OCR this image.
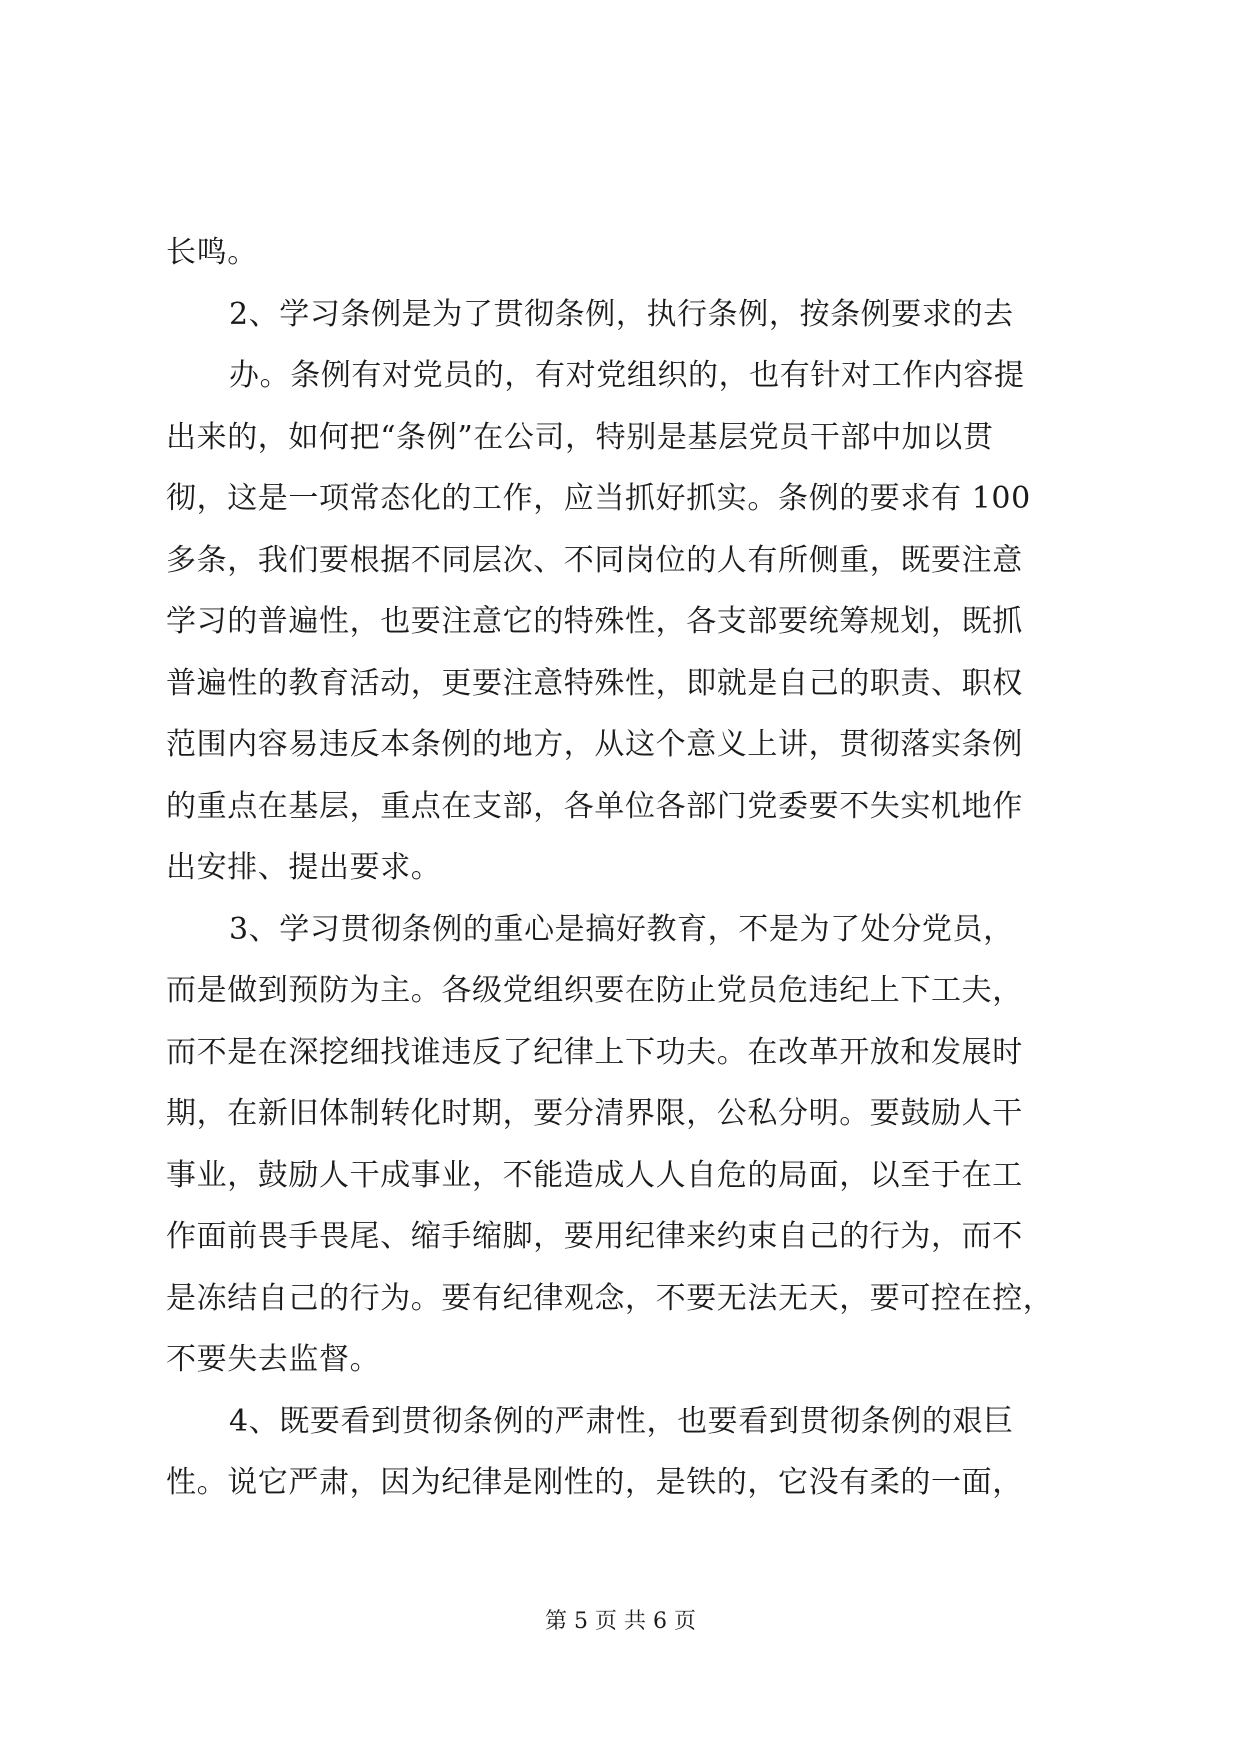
长鸣。
2、学习条例是为了贯彻条例，执行条例，按条例要求的去
办。条例有对党员的，有对党组织的，也有针对工作内容提
出来的，如何把“条例”在公司，特别是基层党员干部中加以贯
彻，这是一项常态化的工作，应当抓好抓实。条例的要求有 100
多条，我们要根据不同层次、不同岗位的人有所侧重，既要注意
学习的普遍性，也要注意它的特殊性，各支部要统筹规划，既抓
普遍性的教育活动，更要注意特殊性，即就是自己的职责、职权
范围内容易违反本条例的地方，从这个意义上讲，贯彻落实条例
的重点在基层，重点在支部，各单位各部门党委要不失实机地作
出安排、提出要求。
3、学习贯彻条例的重心是搞好教育，不是为了处分党员，
而是做到预防为主。各级党组织要在防止党员危违纪上下工夫，
而不是在深挖细找谁违反了纪律上下功夫。在改革开放和发展时
期，在新旧体制转化时期，要分清界限，公私分明。要鼓励人干
事业，鼓励人干成事业，不能造成人人自危的局面，以至于在工
作面前畏手畏尾、缩手缩脚，要用纪律来约束自己的行为，而不
是冻结自己的行为。要有纪律观念，不要无法无天，要可控在控，
不要失去监督。
4、既要看到贯彻条例的严肃性，也要看到贯彻条例的艰巨
性。说它严肃，因为纪律是刚性的，是铁的，它没有柔的一面，
第 5 页 共 6 页
